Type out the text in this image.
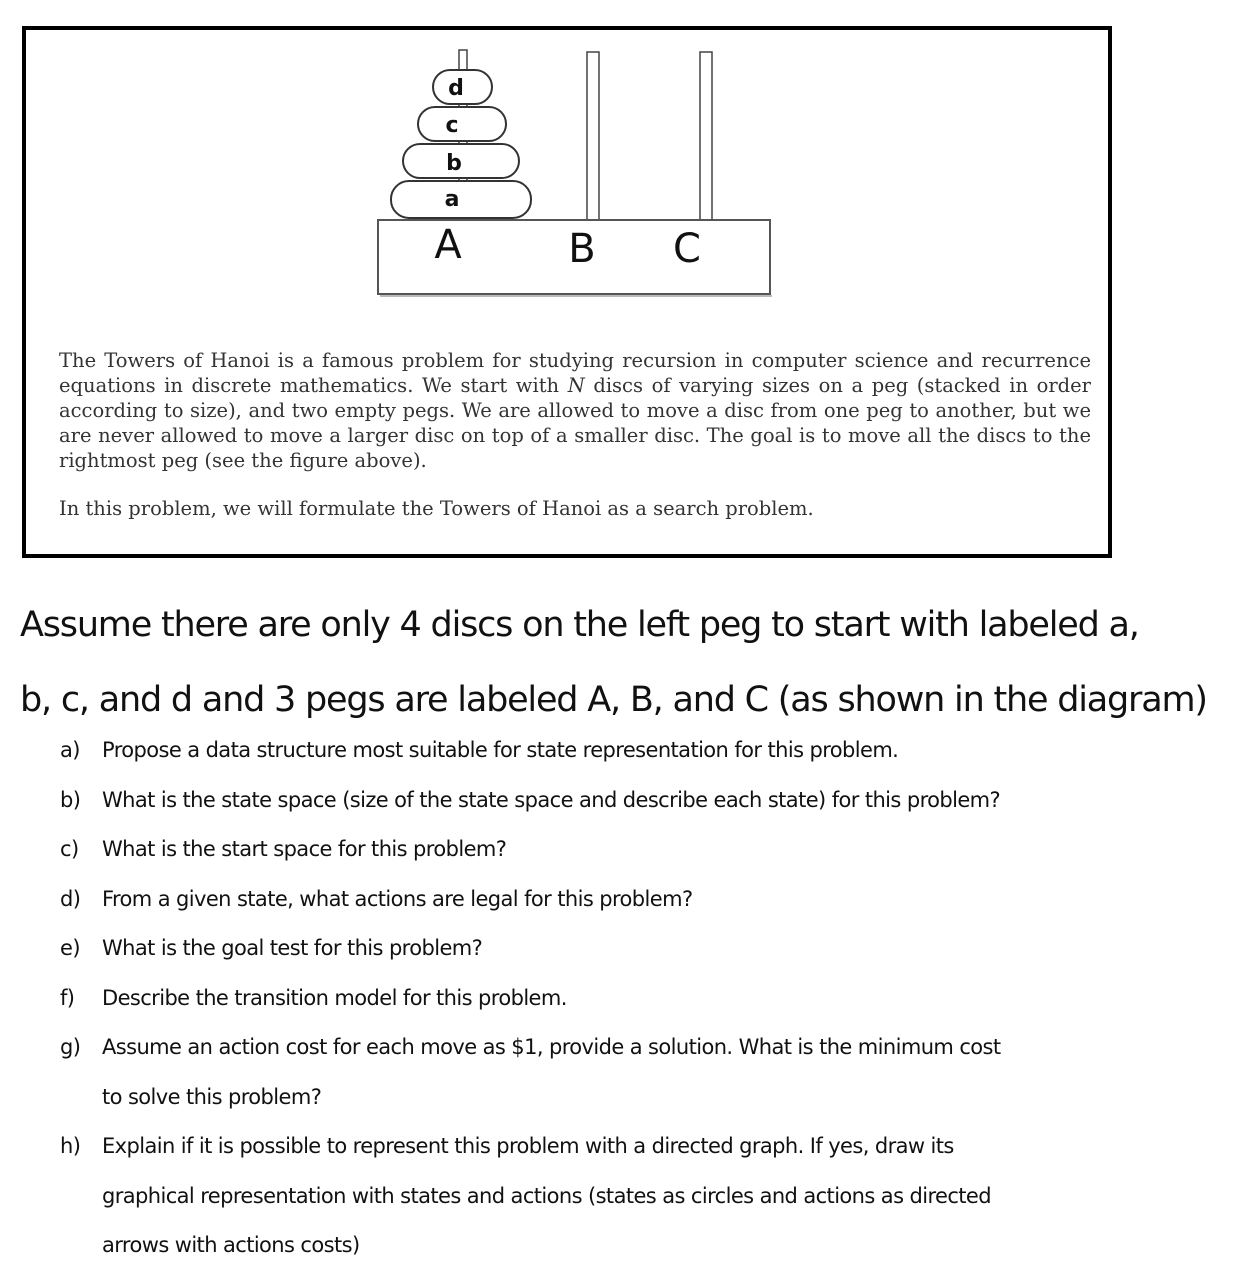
d
c
b
a
A	B C

The Towers of Hanoi is a famous problem for studying recursion in computer science and recurrence equations in discrete mathematics. We start with N discs of varying sizes on a peg (stacked in order according to size), and two empty pegs. We are allowed to move a disc from one peg to another, but we are never allowed to move a larger disc on top of a smaller disc. The goal is to move all the discs to the rightmost peg (see the figure above).

In this problem, we will formulate the Towers of Hanoi as a search problem.

Assume there are only 4 discs on the left peg to start with labeled a,
b, c, and d and 3 pegs are labeled A, B, and C (as shown in the diagram)

a) Propose a data structure most suitable for state representation for this problem.
b) What is the state space (size of the state space and describe each state) for this problem?
c) What is the start space for this problem?
d) From a given state, what actions are legal for this problem?
e) What is the goal test for this problem?
f) Describe the transition model for this problem.
g) Assume an action cost for each move as $1, provide a solution. What is the minimum cost
to solve this problem?
h) Explain if it is possible to represent this problem with a directed graph. If yes, draw its
graphical representation with states and actions (states as circles and actions as directed
arrows with actions costs)
